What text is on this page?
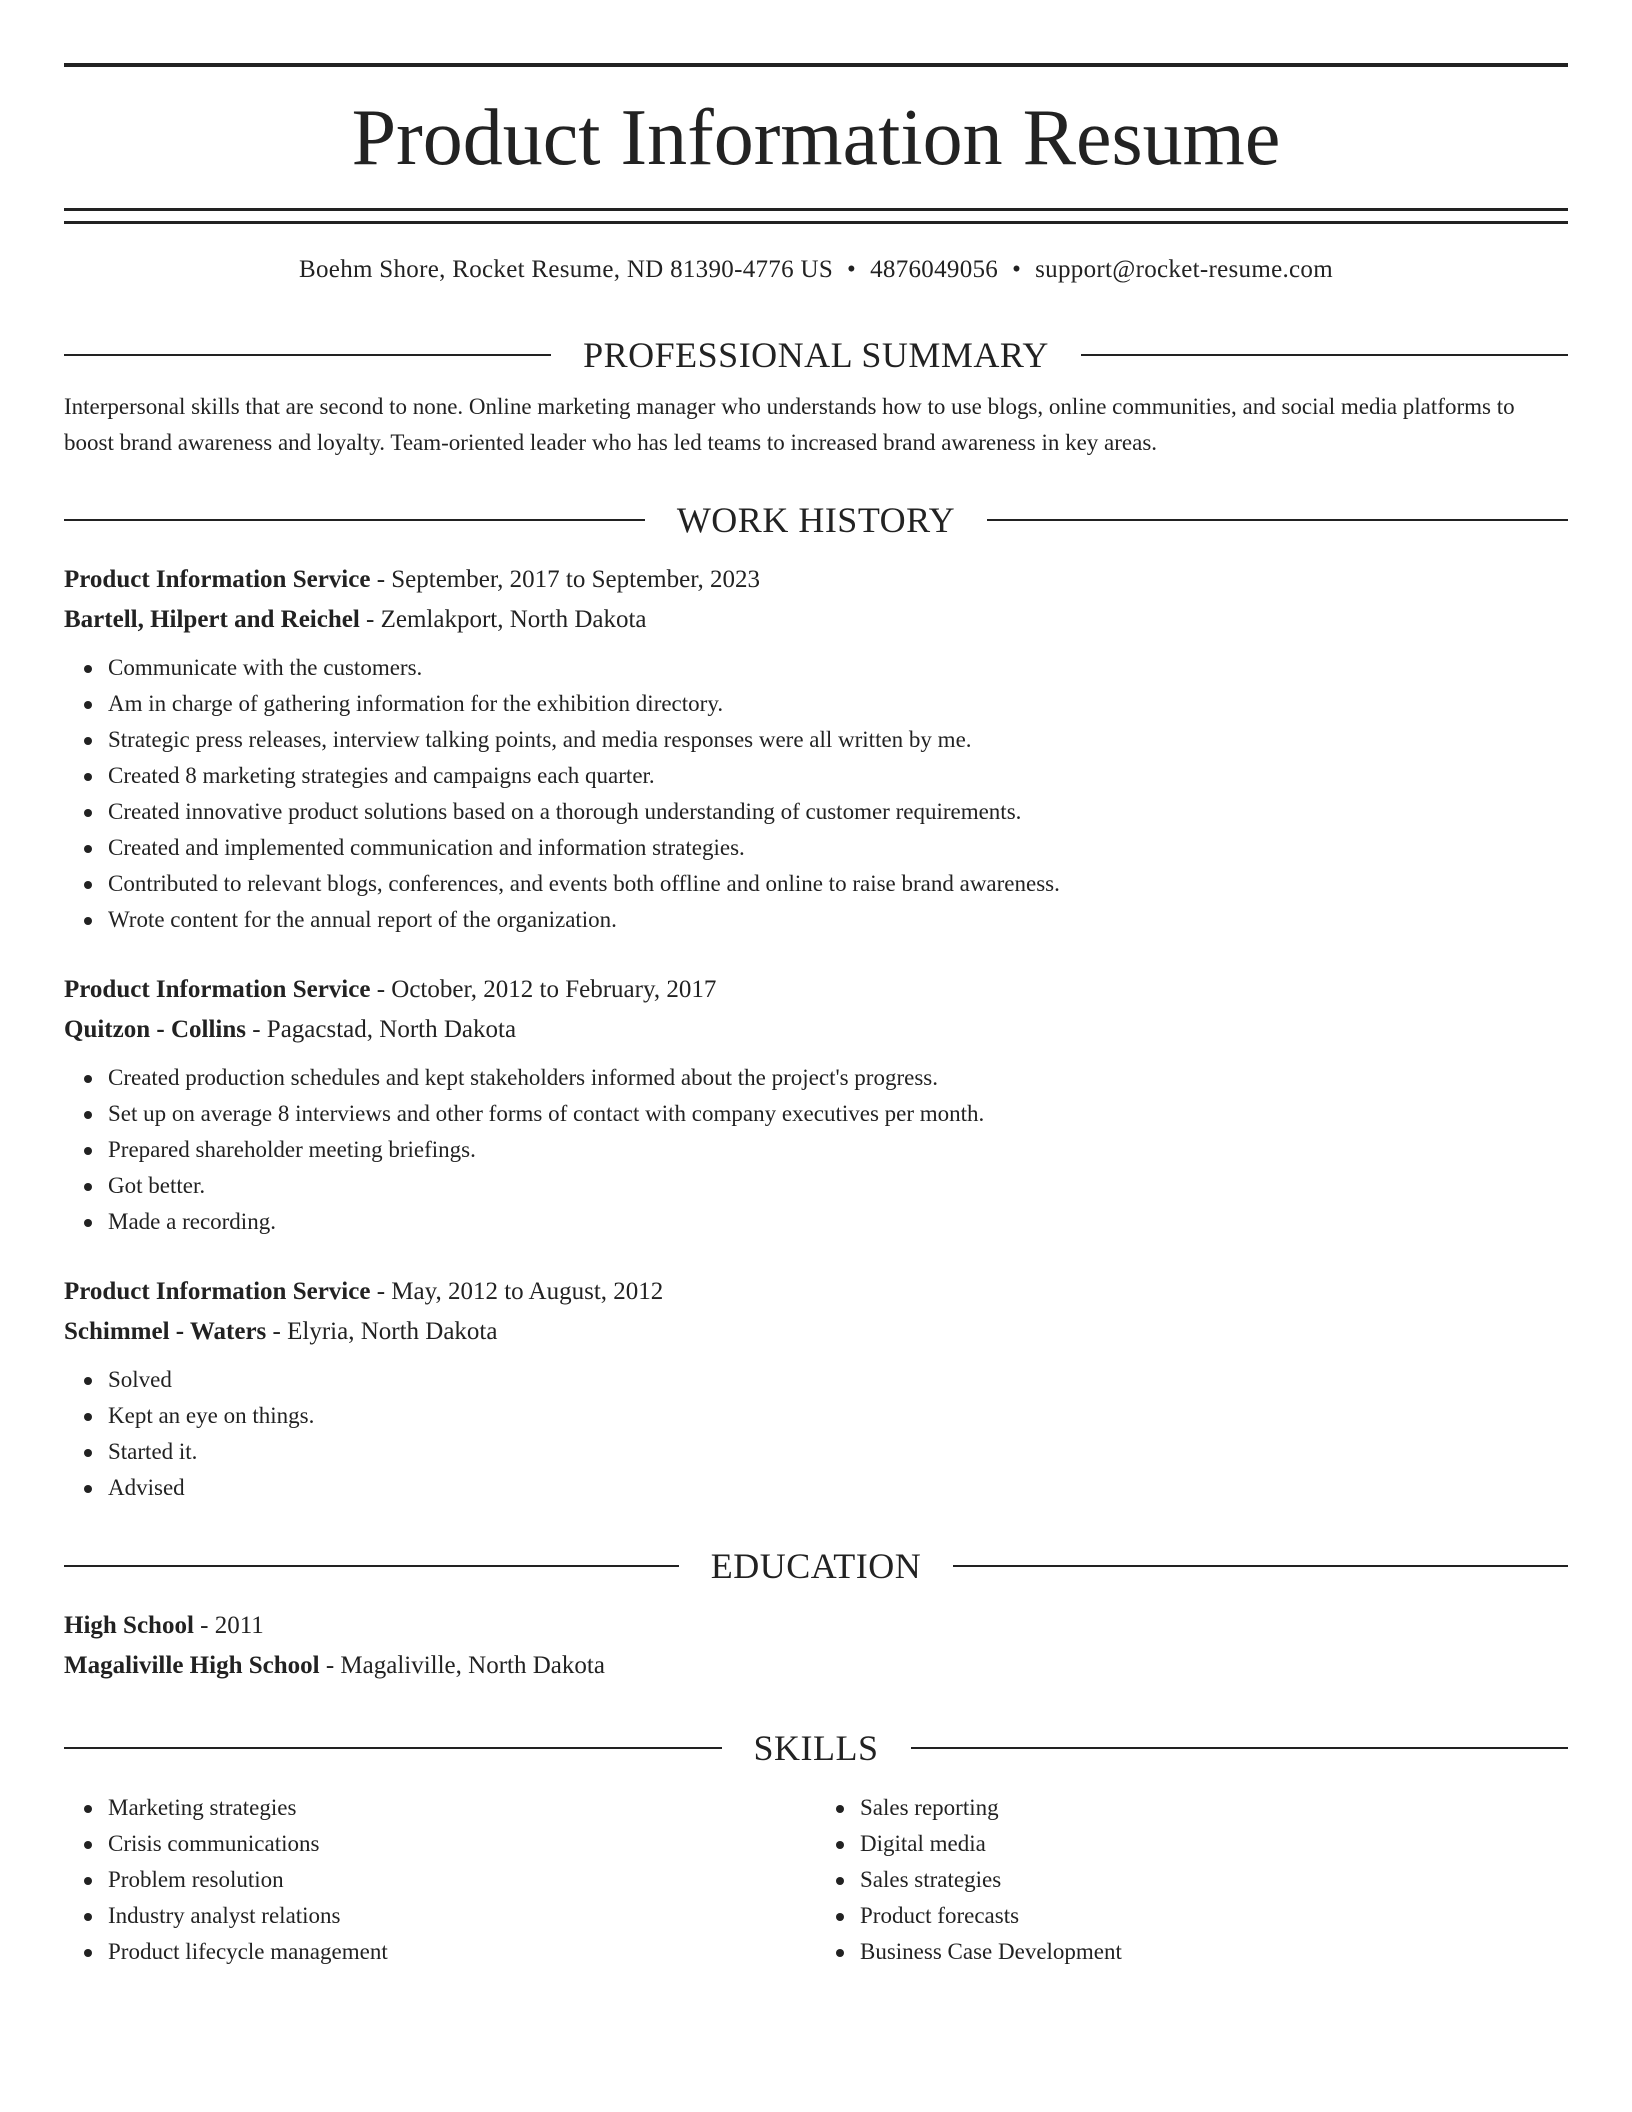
Product Information Resume
Boehm Shore, Rocket Resume, ND 81390-4776 US • 4876049056 • support@rocket-resume.com
PROFESSIONAL SUMMARY

Interpersonal skills that are second to none. Online marketing manager who understands how to use blogs, online communities, and social media platforms to boost brand awareness and loyalty. Team-oriented leader who has led teams to increased brand awareness in key areas.

WORK HISTORY
Product Information Service - September, 2017 to September, 2023
Bartell, Hilpert and Reichel - Zemlakport, North Dakota
Communicate with the customers.
Am in charge of gathering information for the exhibition directory.
Strategic press releases, interview talking points, and media responses were all written by me.
Created 8 marketing strategies and campaigns each quarter.
Created innovative product solutions based on a thorough understanding of customer requirements.
Created and implemented communication and information strategies.
Contributed to relevant blogs, conferences, and events both offline and online to raise brand awareness.
Wrote content for the annual report of the organization.
Product Information Service - October, 2012 to February, 2017
Quitzon - Collins - Pagacstad, North Dakota
Created production schedules and kept stakeholders informed about the project's progress.
Set up on average 8 interviews and other forms of contact with company executives per month.
Prepared shareholder meeting briefings.
Got better.
Made a recording.
Product Information Service - May, 2012 to August, 2012
Schimmel - Waters - Elyria, North Dakota
Solved
Kept an eye on things.
Started it.
Advised
EDUCATION
High School - 2011
Magaliville High School - Magaliville, North Dakota
SKILLS
Marketing strategies
Crisis communications
Problem resolution
Industry analyst relations
Product lifecycle management
Sales reporting
Digital media
Sales strategies
Product forecasts
Business Case Development
